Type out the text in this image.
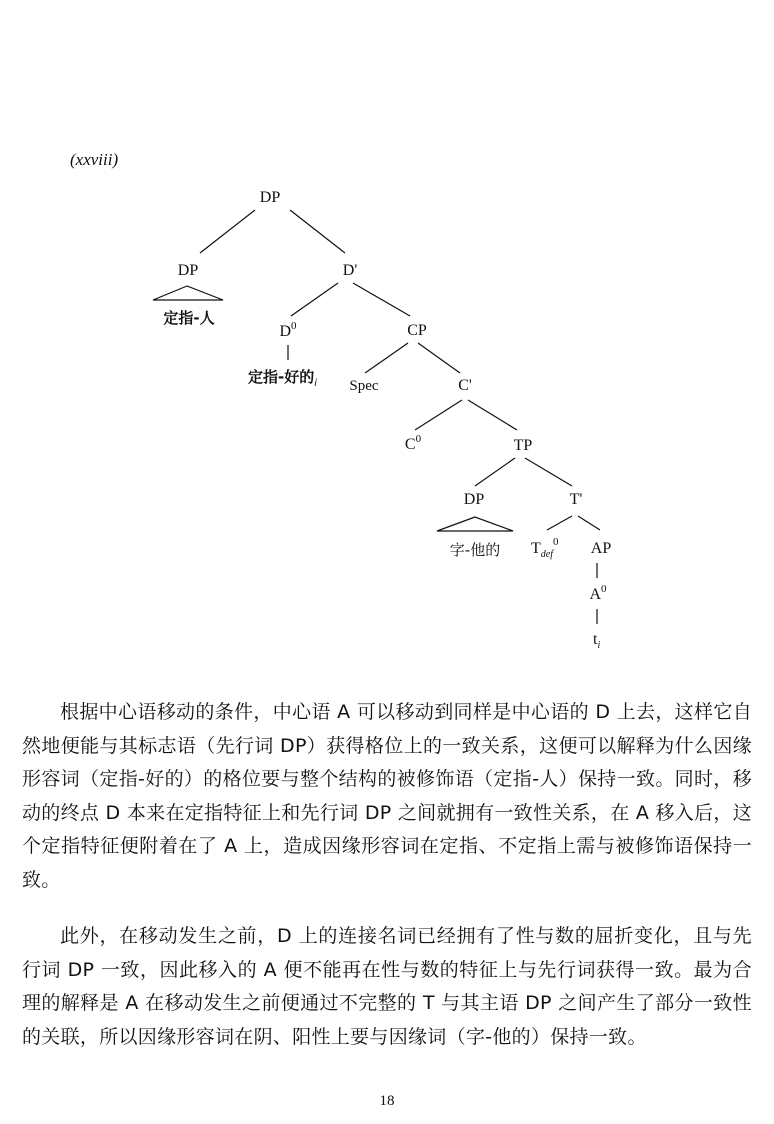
(xxviii)
DP
DP
定指-人
D'
$D^0$
定指-好的$_i$
CP
Spec	C'
$C^0$	TP
DP
字-他的
T'
$T_{def}^0$ AP
$A^0$
$t_i$

根据中心语移动的条件，中心语 A 可以移动到同样是中心语的 D 上去，这样它自然地便能与其标志语（先行词 DP）获得格位上的一致关系，这便可以解释为什么因缘形容词（定指-好的）的格位要与整个结构的被修饰语（定指-人）保持一致。同时，移动的终点 D 本来在定指特征上和先行词 DP 之间就拥有一致性关系，在 A 移入后，这个定指特征便附着在了 A 上，造成因缘形容词在定指、不定指上需与被修饰语保持一致。

此外，在移动发生之前，D 上的连接名词已经拥有了性与数的屈折变化，且与先行词 DP 一致，因此移入的 A 便不能再在性与数的特征上与先行词获得一致。最为合理的解释是 A 在移动发生之前便通过不完整的 T 与其主语 DP 之间产生了部分一致性的关联，所以因缘形容词在阴、阳性上要与因缘词（字-他的）保持一致。

18
